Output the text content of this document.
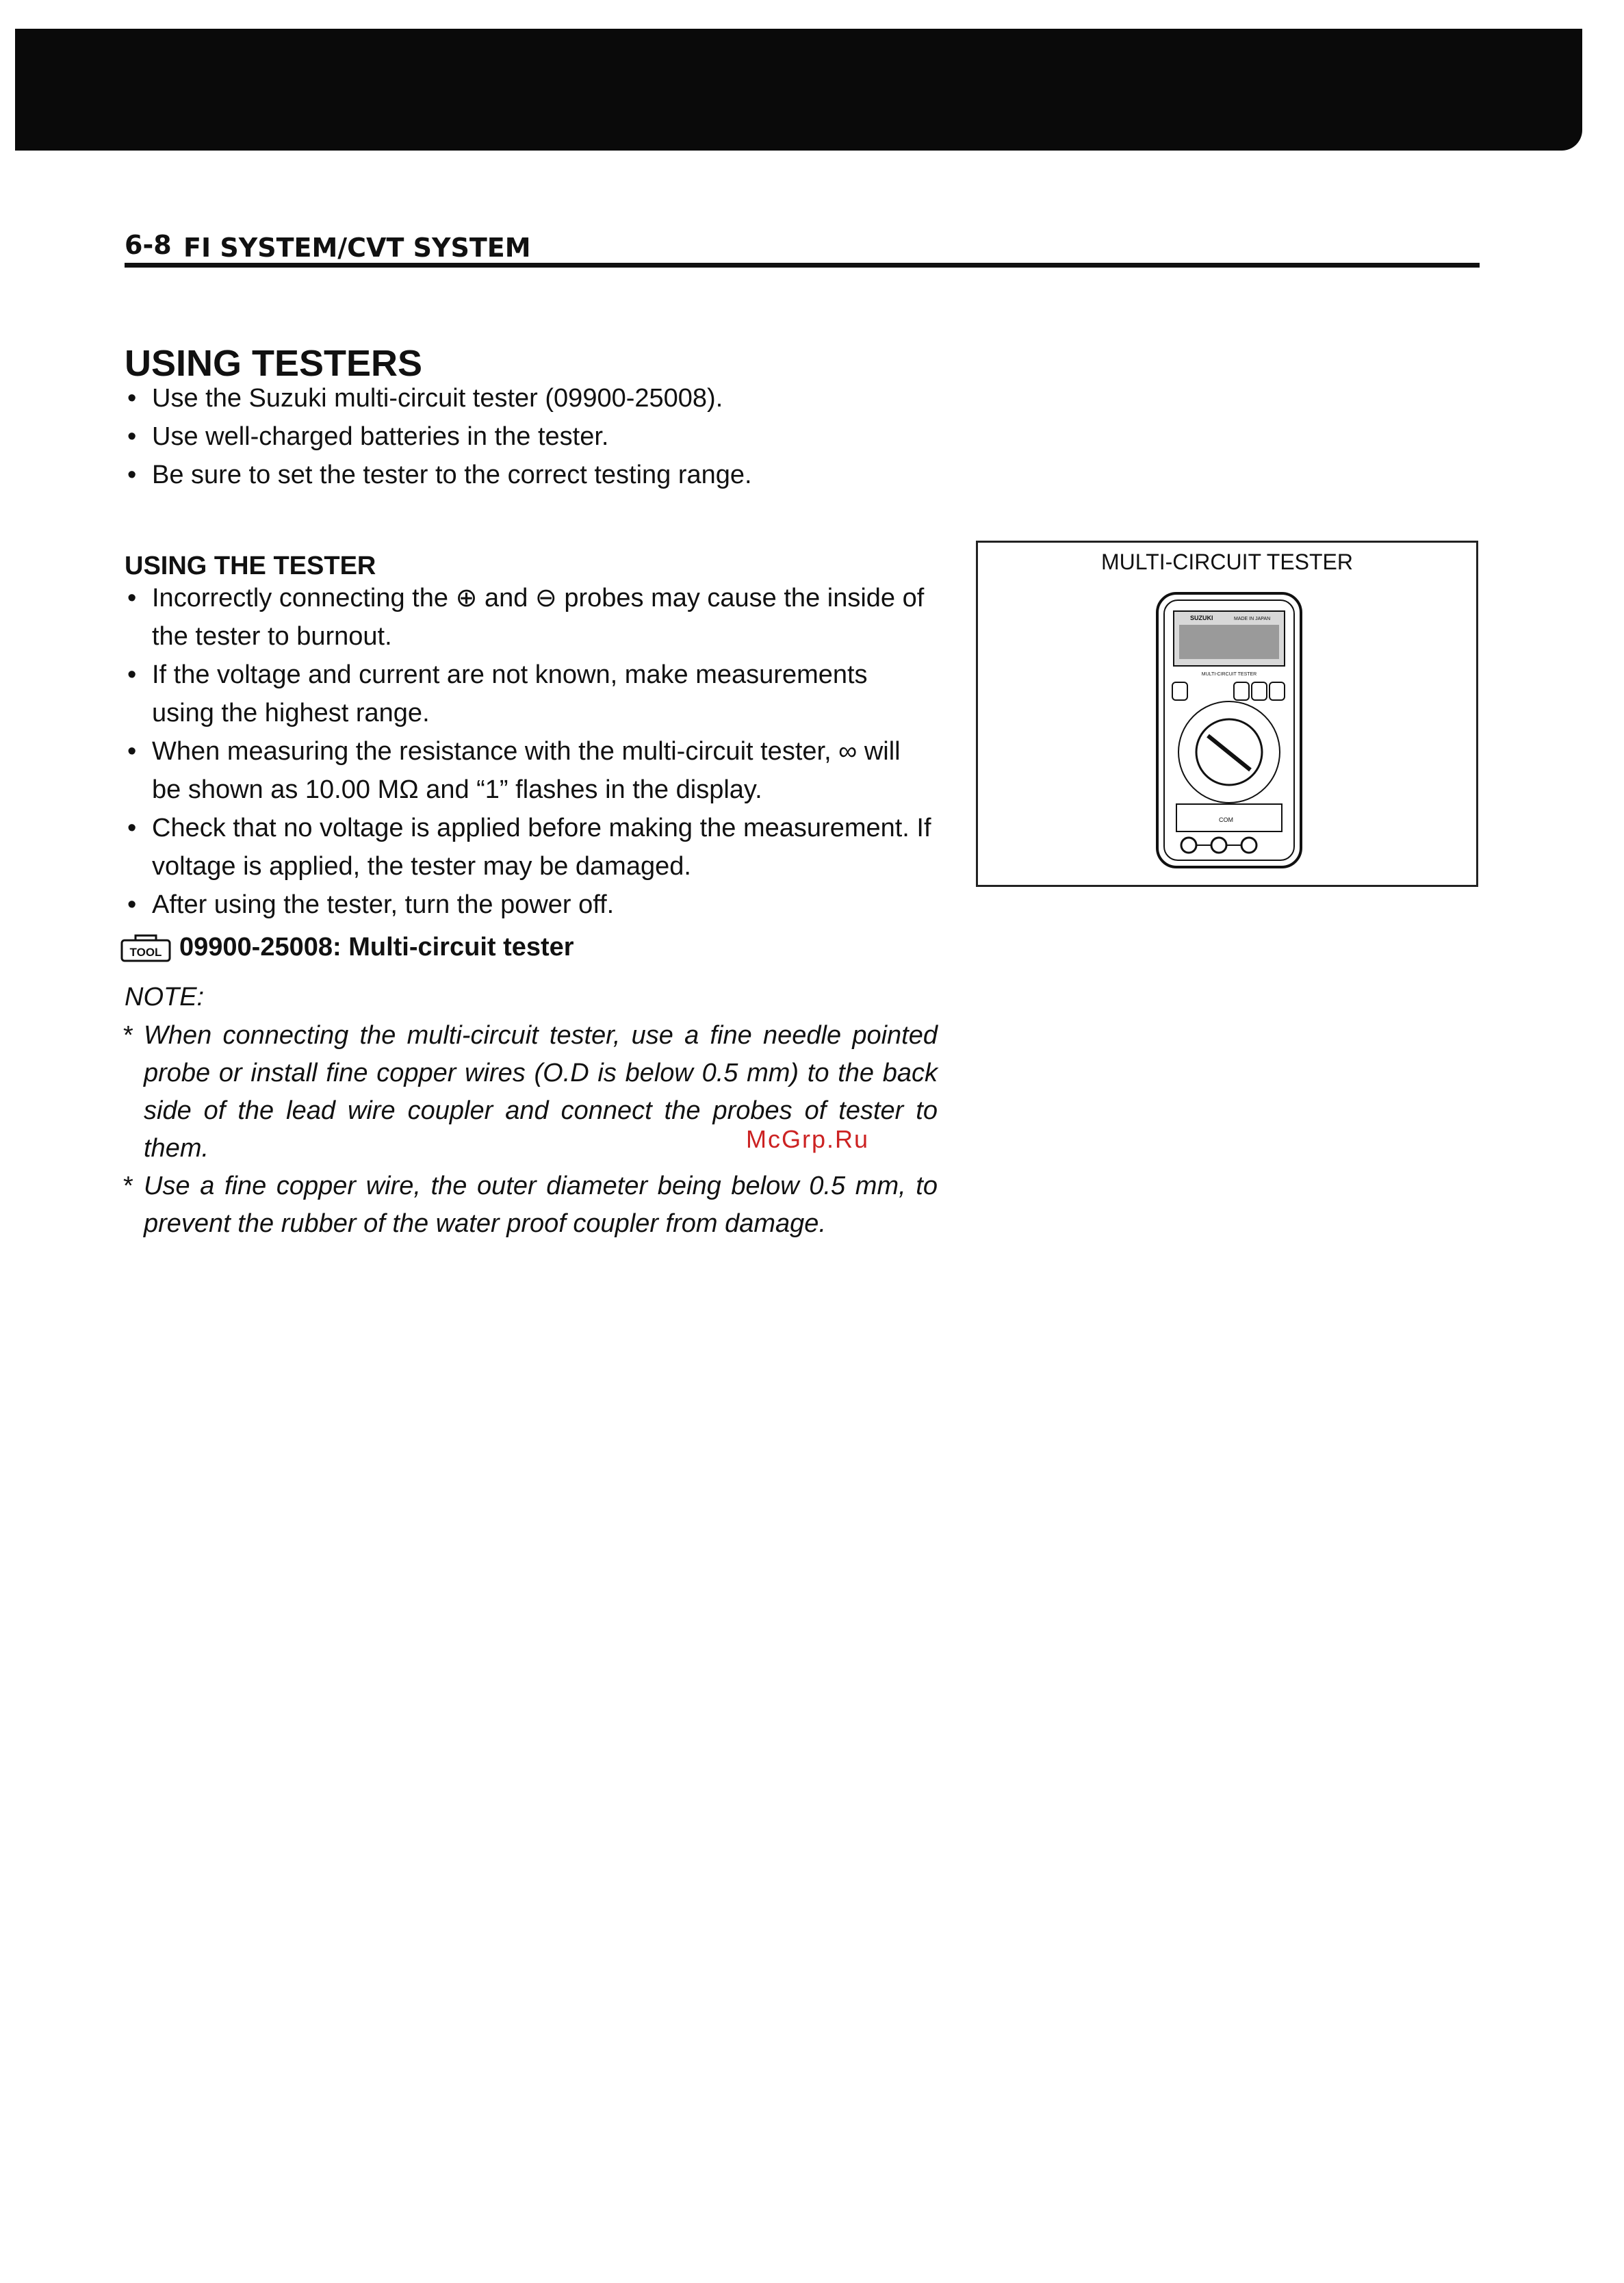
6-8 FI SYSTEM/CVT SYSTEM
USING TESTERS
• Use the Suzuki multi-circuit tester (09900-25008).
• Use well-charged batteries in the tester.
• Be sure to set the tester to the correct testing range.
USING THE TESTER
• Incorrectly connecting the ⊕ and ⊖ probes may cause the inside of the tester to burnout.
• If the voltage and current are not known, make measurements using the highest range.
• When measuring the resistance with the multi-circuit tester, ∞ will be shown as 10.00 MΩ and “1” flashes in the display.
• Check that no voltage is applied before making the measurement. If voltage is applied, the tester may be damaged.
• After using the tester, turn the power off.
TOOL 09900-25008: Multi-circuit tester

NOTE:

* When connecting the multi-circuit tester, use a fine needle pointed probe or install fine copper wires (O.D is below 0.5 mm) to the back side of the lead wire coupler and connect the probes of tester to them.
* Use a fine copper wire, the outer diameter being below 0.5 mm, to prevent the rubber of the water proof coupler from damage.
McGrp.Ru
MULTI-CIRCUIT TESTER
SUZUKI	MADE IN JAPAN
MULTI-CIRCUIT TESTER
COM
